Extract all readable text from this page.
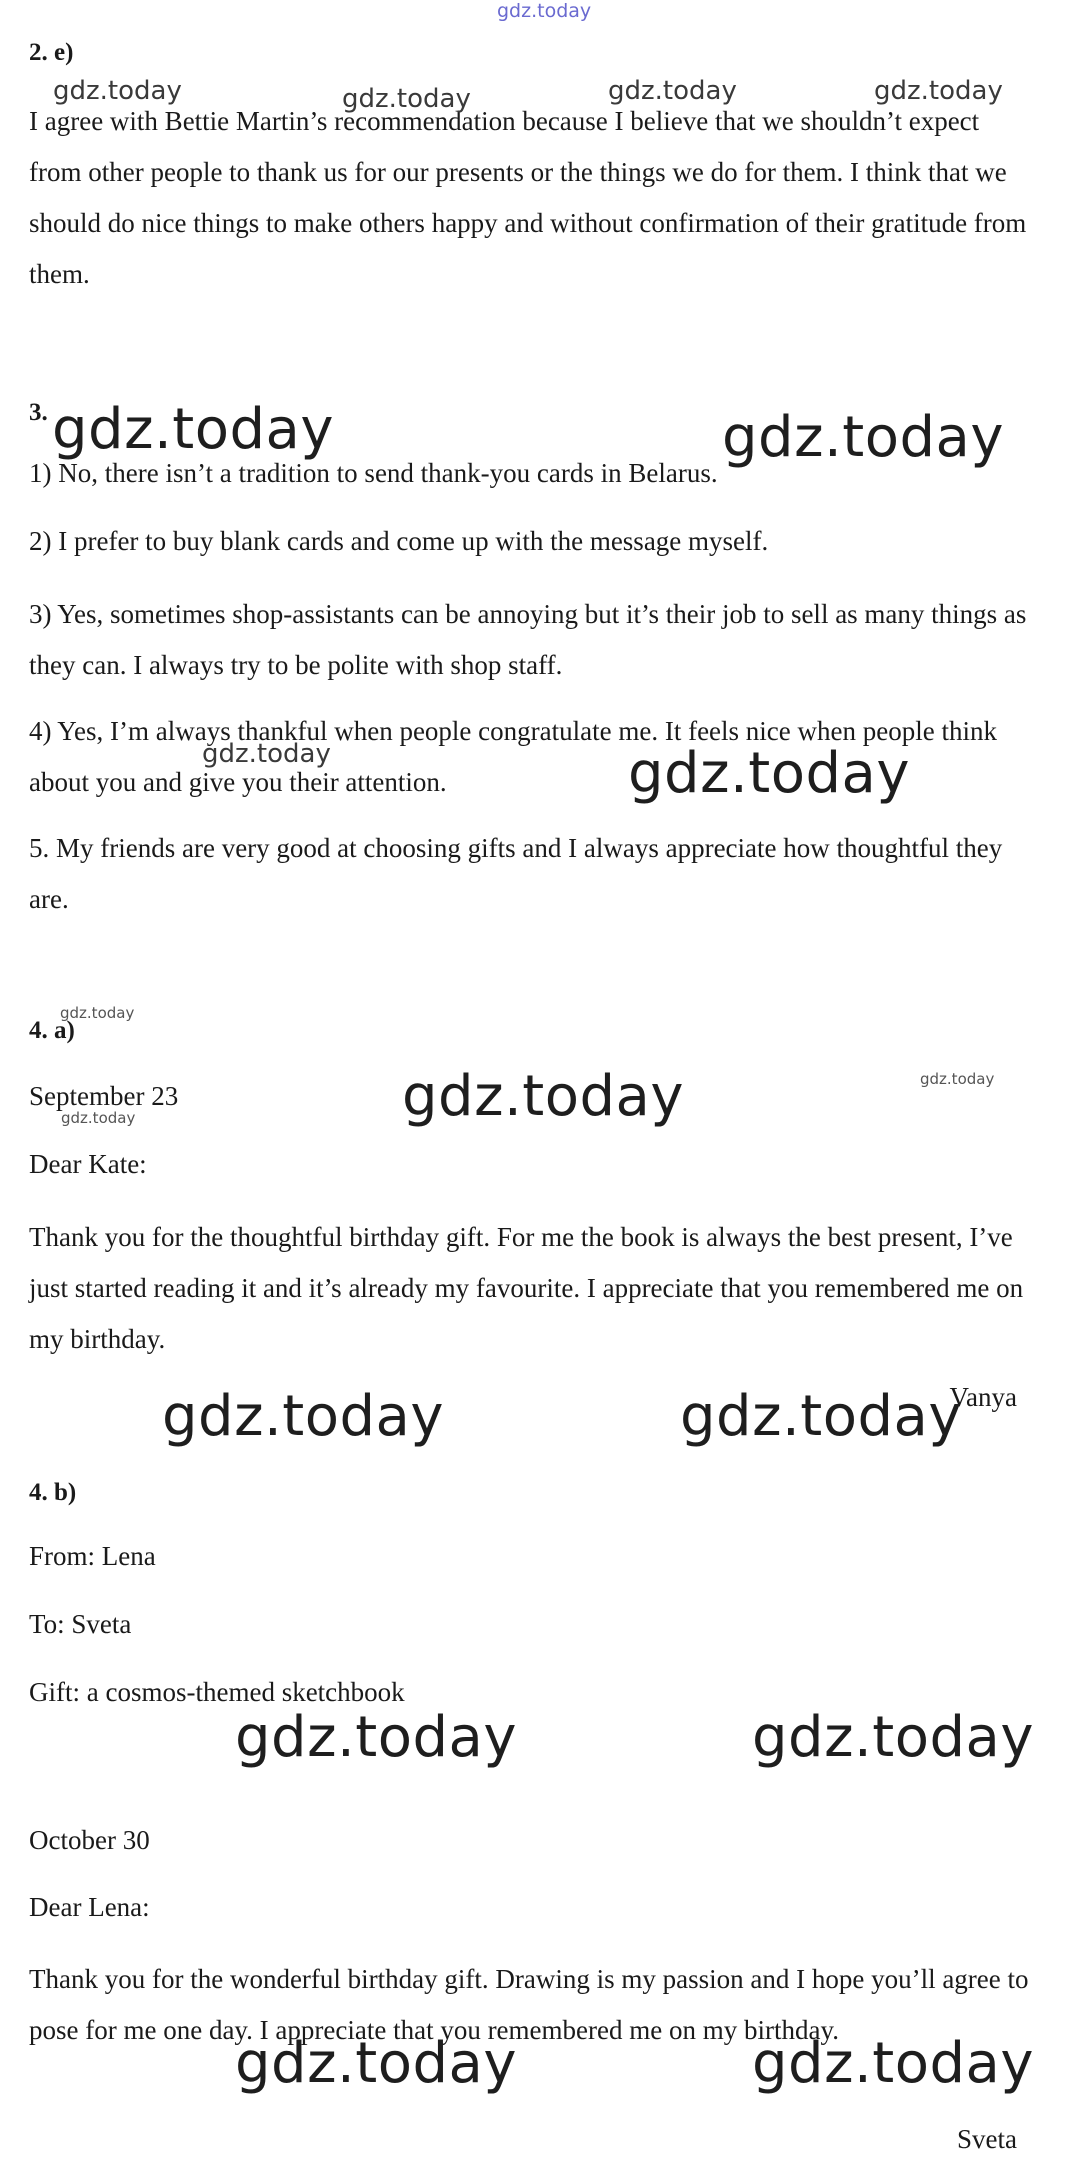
2. e)

I agree with Bettie Martin’s recommendation because I believe that we shouldn’t expect from other people to thank us for our presents or the things we do for them. I think that we should do nice things to make others happy and without confirmation of their gratitude from them.

3.
1) No, there isn’t a tradition to send thank-you cards in Belarus.
2) I prefer to buy blank cards and come up with the message myself.

3) Yes, sometimes shop-assistants can be annoying but it’s their job to sell as many things as they can. I always try to be polite with shop staff.

4) Yes, I’m always thankful when people congratulate me. It feels nice when people think about you and give you their attention.

5. My friends are very good at choosing gifts and I always appreciate how thoughtful they are.

4. a)
September 23
Dear Kate:

Thank you for the thoughtful birthday gift. For me the book is always the best present, I’ve just started reading it and it’s already my favourite. I appreciate that you remembered me on my birthday.

Vanya
4. b)
From: Lena
To: Sveta
Gift: a cosmos-themed sketchbook
October 30
Dear Lena:

Thank you for the wonderful birthday gift. Drawing is my passion and I hope you’ll agree to pose for me one day. I appreciate that you remembered me on my birthday.

Sveta
gdz.today
gdz.today	gdz.today	gdz.today	gdz.today
gdz.today	gdz.today
gdz.today	gdz.today
gdz.today
gdz.today	gdz.today	gdz.today
gdz.today	gdz.today
gdz.today	gdz.today
gdz.today	gdz.today
